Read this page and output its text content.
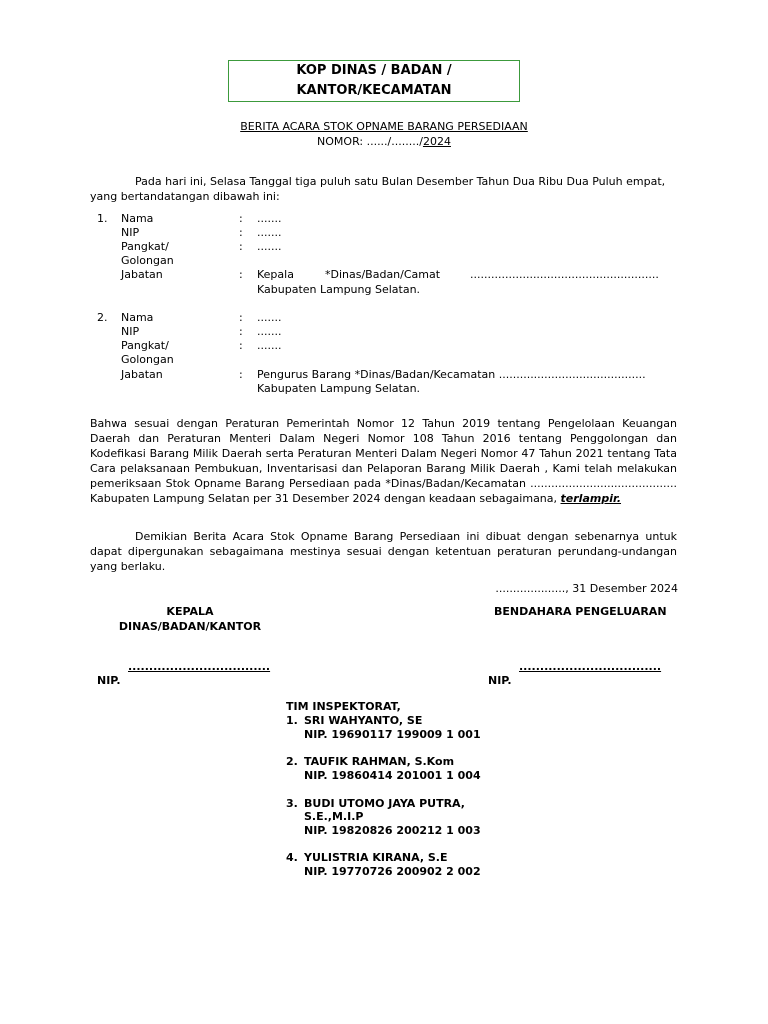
KOP DINAS / BADAN /
KANTOR/KECAMATAN
BERITA ACARA STOK OPNAME BARANG PERSEDIAAN
NOMOR: ....../......../2024
Pada hari ini, Selasa Tanggal tiga puluh satu Bulan Desember Tahun Dua Ribu Dua Puluh empat,
yang bertandatangan dibawah ini:
1. Nama	: .......
NIP	: .......
Pangkat/	: .......
Golongan
Jabatan	: Kepala	*Dinas/Badan/Camat	......................................................
Kabupaten Lampung Selatan.
2. Nama	: .......
NIP	: .......
Pangkat/	: .......
Golongan
Jabatan	: Pengurus Barang *Dinas/Badan/Kecamatan ..........................................
Kabupaten Lampung Selatan.
Bahwa sesuai dengan Peraturan Pemerintah Nomor 12 Tahun 2019 tentang Pengelolaan Keuangan Daerah dan Peraturan Menteri Dalam Negeri Nomor 108 Tahun 2016 tentang Penggolongan dan Kodefikasi Barang Milik Daerah serta Peraturan Menteri Dalam Negeri Nomor 47 Tahun 2021 tentang Tata Cara pelaksanaan Pembukuan, Inventarisasi dan Pelaporan Barang Milik Daerah , Kami telah melakukan pemeriksaan Stok Opname Barang Persediaan pada *Dinas/Badan/Kecamatan .......................................... Kabupaten Lampung Selatan per 31 Desember 2024 dengan keadaan sebagaimana, terlampir.
Demikian Berita Acara Stok Opname Barang Persediaan ini dibuat dengan sebenarnya untuk dapat dipergunakan sebagaimana mestinya sesuai dengan ketentuan peraturan perundang-undangan yang berlaku.
...................., 31 Desember 2024
KEPALA
DINAS/BADAN/KANTOR
BENDAHARA PENGELUARAN
..................................	..................................
NIP.	NIP.
TIM INSPEKTORAT,
1. SRI WAHYANTO, SE
NIP. 19690117 199009 1 001
2. TAUFIK RAHMAN, S.Kom
NIP. 19860414 201001 1 004
3. BUDI UTOMO JAYA PUTRA,
S.E.,M.I.P
NIP. 19820826 200212 1 003
4. YULISTRIA KIRANA, S.E
NIP. 19770726 200902 2 002
